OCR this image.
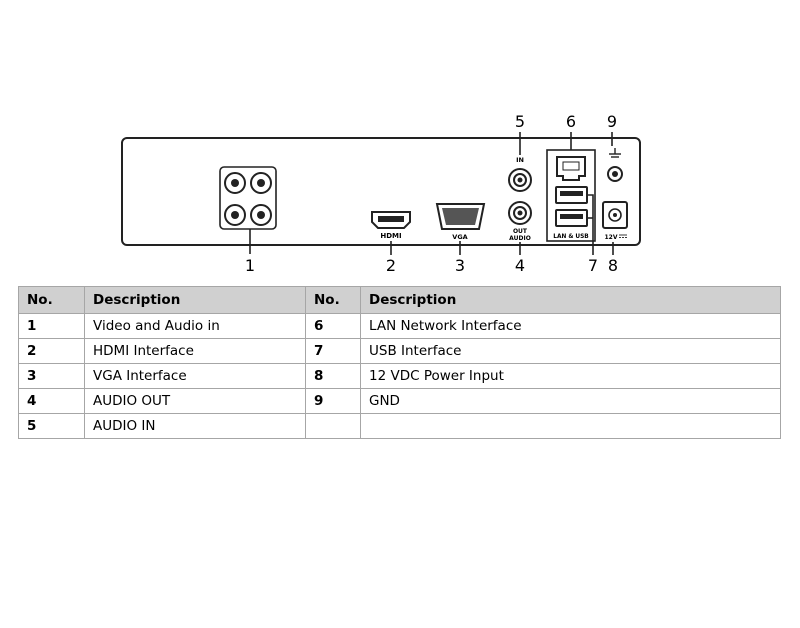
HDMI	VGA
IN
OUT
AUDIO	LAN & USB	12V
1	2	3	4
5	6
7 8
9
No.	Description	No.	Description
1	Video and Audio in	6	LAN Network Interface
2	HDMI Interface	7	USB Interface
3	VGA Interface	8	12 VDC Power Input
4	AUDIO OUT	9	GND
5	AUDIO IN		
